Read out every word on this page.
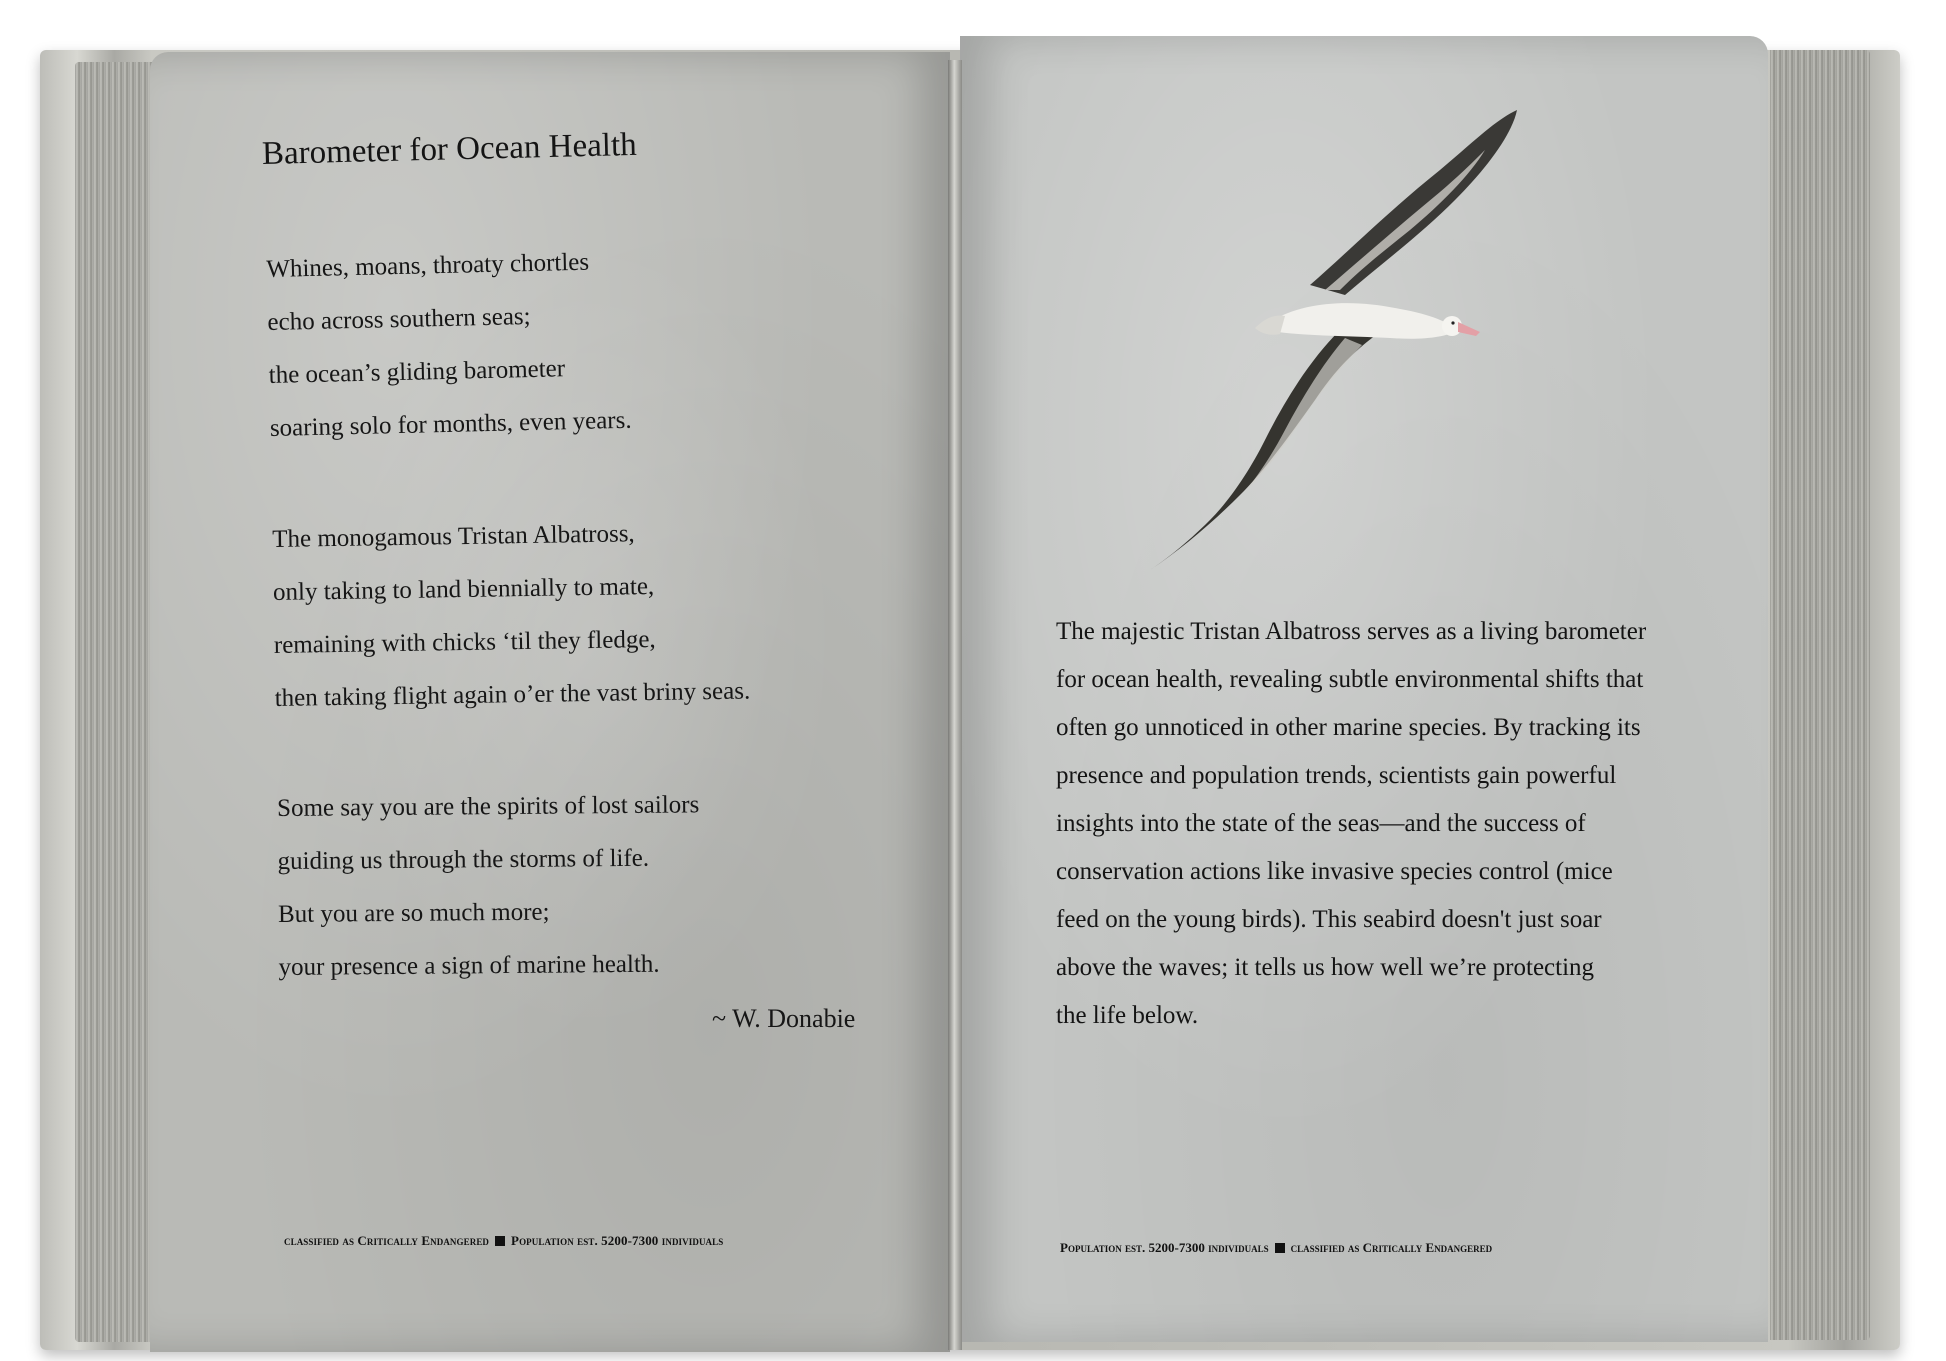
Barometer for Ocean Health
Whines, moans, throaty chortles
echo across southern seas;
the ocean’s gliding barometer
soaring solo for months, even years.
The monogamous Tristan Albatross,
only taking to land biennially to mate,
remaining with chicks ‘til they fledge,
then taking flight again o’er the vast briny seas.
Some say you are the spirits of lost sailors
guiding us through the storms of life.
But you are so much more;
your presence a sign of marine health.
~ W. Donabie
classified as Critically Endangered Population est. 5200-7300 individuals
The majestic Tristan Albatross serves as a living barometer
for ocean health, revealing subtle environmental shifts that
often go unnoticed in other marine species. By tracking its
presence and population trends, scientists gain powerful
insights into the state of the seas—and the success of
conservation actions like invasive species control (mice
feed on the young birds). This seabird doesn't just soar
above the waves; it tells us how well we’re protecting
the life below.
Population est. 5200-7300 individuals classified as Critically Endangered
